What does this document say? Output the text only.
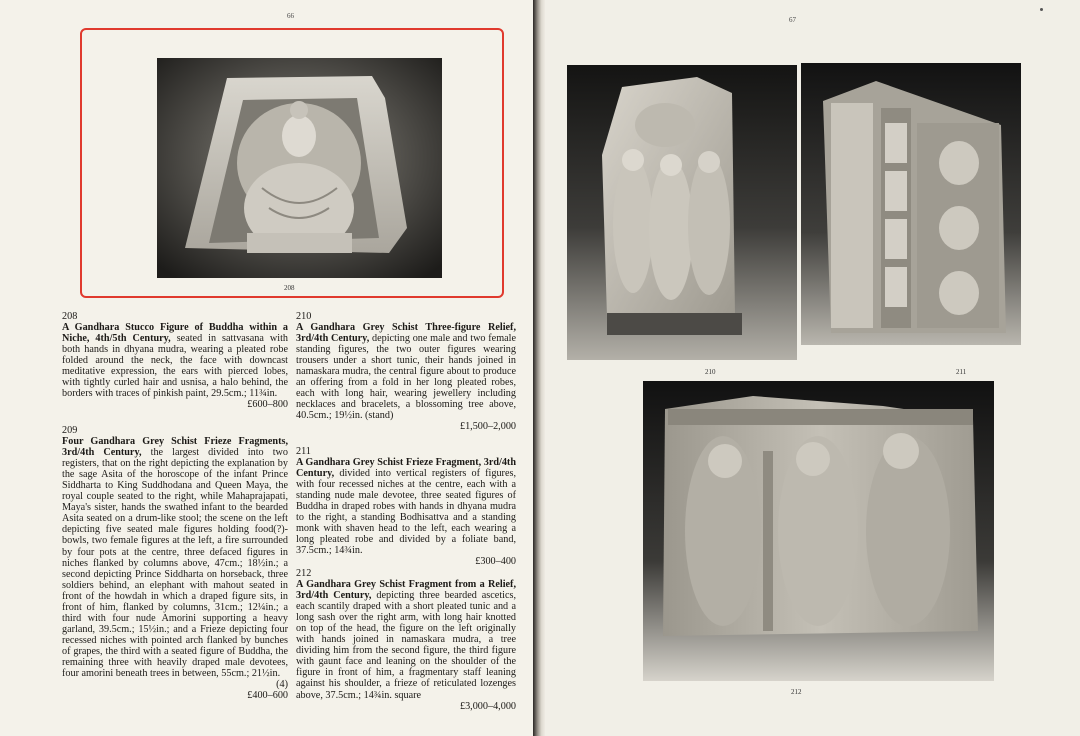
66
208
208

A Gandhara Stucco Figure of Buddha within a Niche, 4th/5th Century, seated in sattvasana with both hands in dhyana mudra, wearing a pleated robe folded around the neck, the face with downcast meditative expression, the ears with pierced lobes, with tightly curled hair and usnisa, a halo behind, the borders with traces of pinkish paint, 29.5cm.; 11¾in.

£600–800
209

Four Gandhara Grey Schist Frieze Fragments, 3rd/4th Century, the largest divided into two registers, that on the right depicting the explanation by the sage Asita of the horoscope of the infant Prince Siddharta to King Suddhodana and Queen Maya, the royal couple seated to the right, while Mahaprajapati, Maya's sister, hands the swathed infant to the bearded Asita seated on a drum-like stool; the scene on the left depicting five seated male figures holding food(?)-bowls, two female figures at the left, a fire surrounded by four pots at the centre, three defaced figures in niches flanked by columns above, 47cm.; 18½in.; a second depicting Prince Siddharta on horseback, three soldiers behind, an elephant with mahout seated in front of the howdah in which a draped figure sits, in front of him, flanked by columns, 31cm.; 12¼in.; a third with four nude Amorini supporting a heavy garland, 39.5cm.; 15½in.; and a Frieze depicting four recessed niches with pointed arch flanked by bunches of grapes, the third with a seated figure of Buddha, the remaining three with heavily draped male devotees, four amorini beneath trees in between, 55cm.; 21½in.

(4)
£400–600
210

A Gandhara Grey Schist Three-figure Relief, 3rd/4th Century, depicting one male and two female standing figures, the two outer figures wearing trousers under a short tunic, their hands joined in namaskara mudra, the central figure about to produce an offering from a fold in her long pleated robes, each with long hair, wearing jewellery including necklaces and bracelets, a blossoming tree above, 40.5cm.; 19½in. (stand)

£1,500–2,000
211

A Gandhara Grey Schist Frieze Fragment, 3rd/4th Century, divided into vertical registers of figures, with four recessed niches at the centre, each with a standing nude male devotee, three seated figures of Buddha in draped robes with hands in dhyana mudra to the right, a standing Bodhisattva and a standing monk with shaven head to the left, each wearing a long pleated robe and divided by a foliate band, 37.5cm.; 14¾in.

£300–400
212

A Gandhara Grey Schist Fragment from a Relief, 3rd/4th Century, depicting three bearded ascetics, each scantily draped with a short pleated tunic and a long sash over the right arm, with long hair knotted on top of the head, the figure on the left originally with hands joined in namaskara mudra, a tree dividing him from the second figure, the third figure with gaunt face and leaning on the shoulder of the figure in front of him, a fragmentary staff leaning against his shoulder, a frieze of reticulated lozenges above, 37.5cm.; 14¾in. square

£3,000–4,000
67
210	211
212
